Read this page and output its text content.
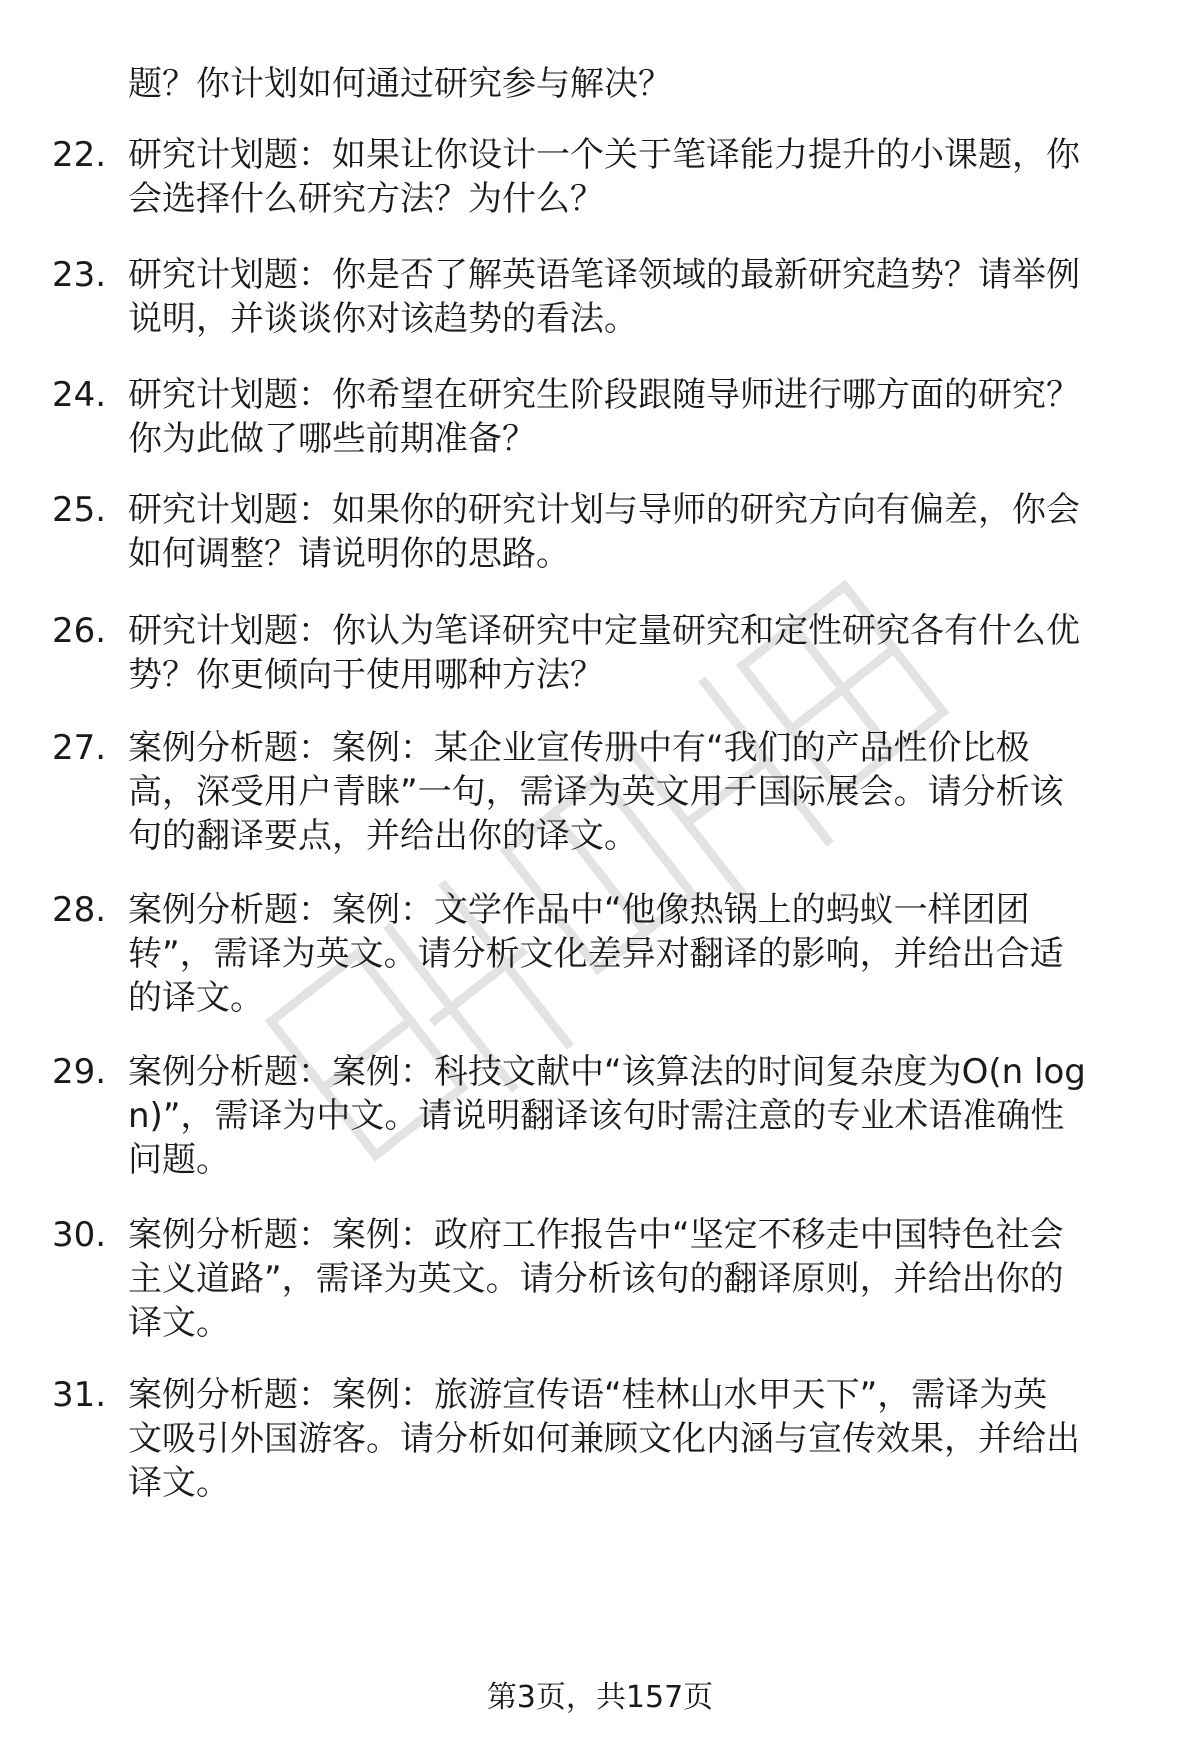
题？你计划如何通过研究参与解决？
22. 研究计划题：如果让你设计一个关于笔译能力提升的小课题，你
会选择什么研究方法？为什么？
23. 研究计划题：你是否了解英语笔译领域的最新研究趋势？请举例
说明，并谈谈你对该趋势的看法。
24. 研究计划题：你希望在研究生阶段跟随导师进行哪方面的研究？
你为此做了哪些前期准备？
25. 研究计划题：如果你的研究计划与导师的研究方向有偏差，你会
如何调整？请说明你的思路。
26. 研究计划题：你认为笔译研究中定量研究和定性研究各有什么优
势？你更倾向于使用哪种方法？
27. 案例分析题：案例：某企业宣传册中有“我们的产品性价比极
高，深受用户青睐”一句，需译为英文用于国际展会。请分析该
句的翻译要点，并给出你的译文。
28. 案例分析题：案例：文学作品中“他像热锅上的蚂蚁一样团团
转”，需译为英文。请分析文化差异对翻译的影响，并给出合适
的译文。
29. 案例分析题：案例：科技文献中“该算法的时间复杂度为O(n log
n)”，需译为中文。请说明翻译该句时需注意的专业术语准确性
问题。
30. 案例分析题：案例：政府工作报告中“坚定不移走中国特色社会
主义道路”，需译为英文。请分析该句的翻译原则，并给出你的
译文。
31. 案例分析题：案例：旅游宣传语“桂林山水甲天下”，需译为英
文吸引外国游客。请分析如何兼顾文化内涵与宣传效果，并给出
译文。
第3页，共157页
